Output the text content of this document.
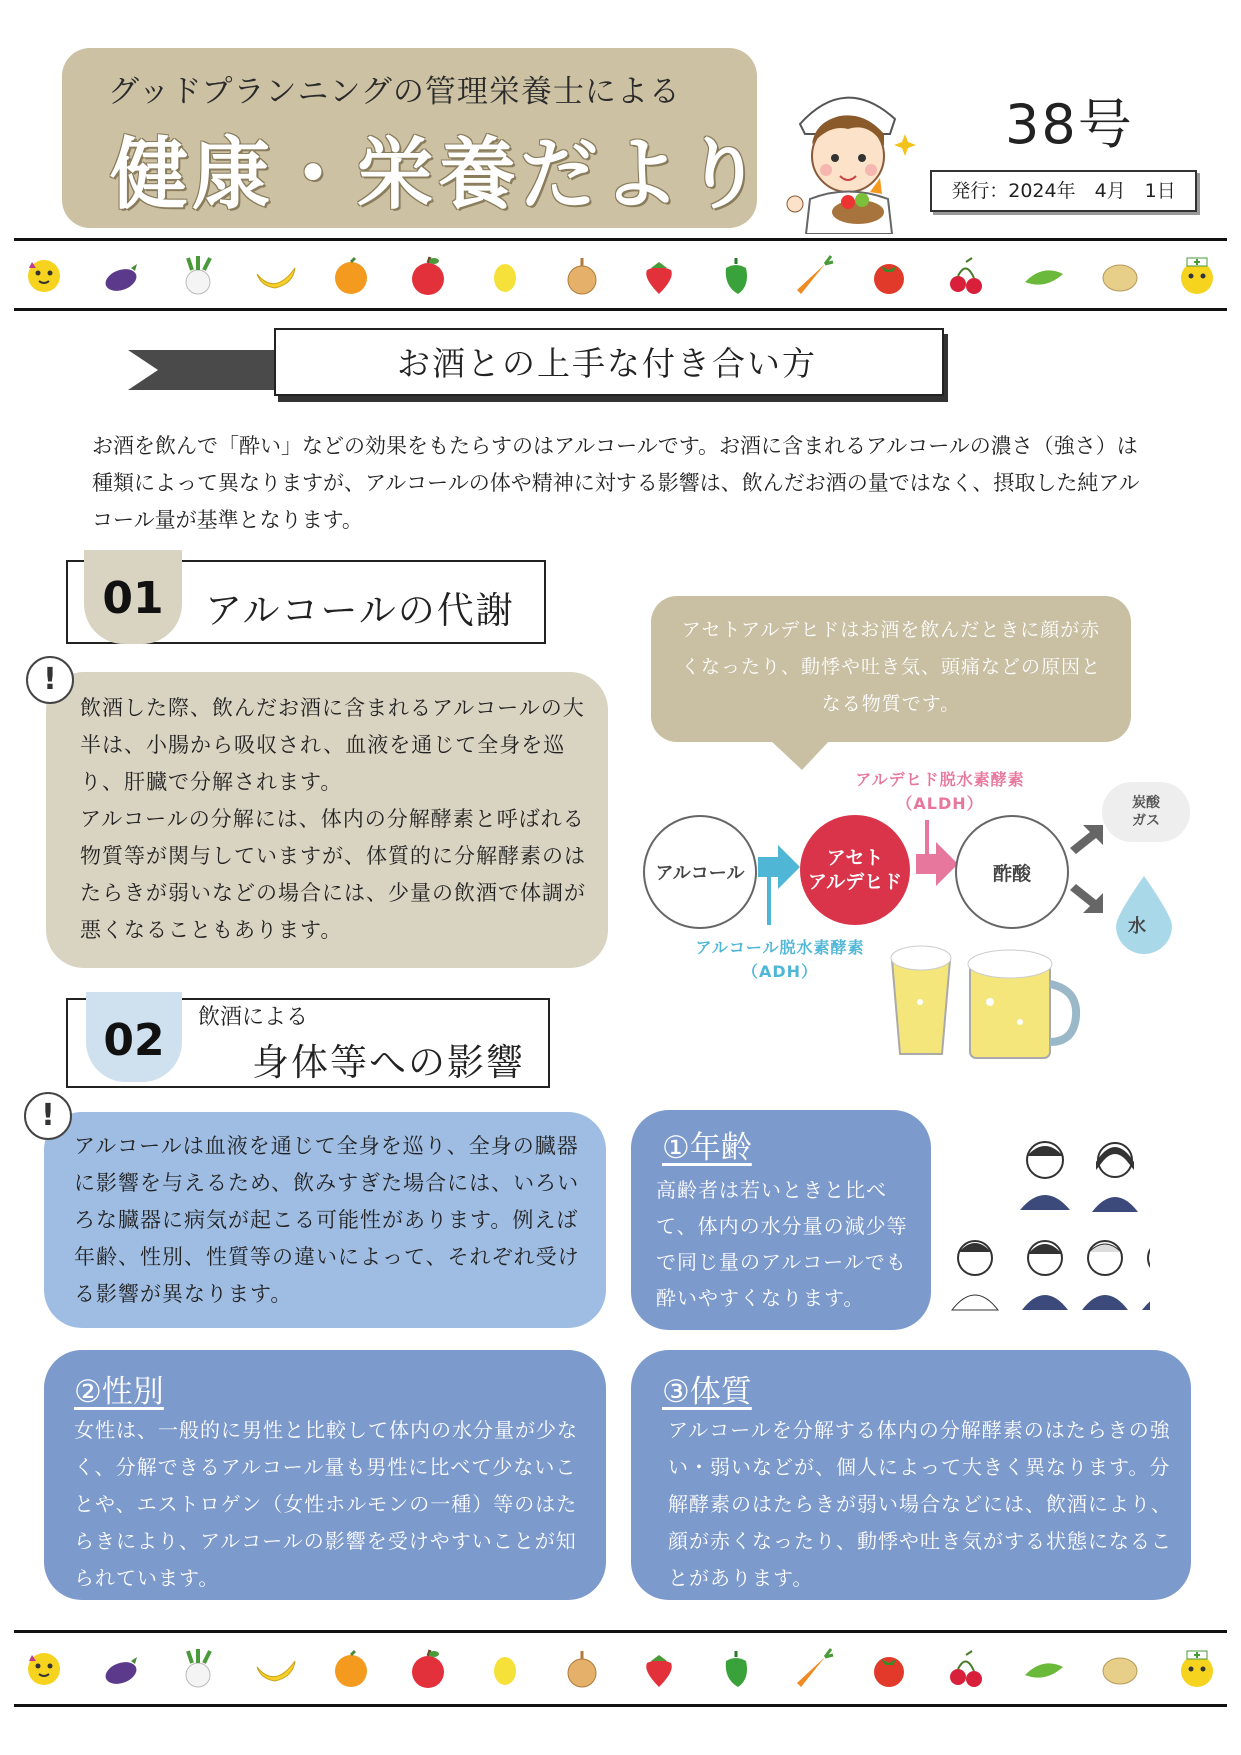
グッドプランニングの管理栄養士による
健康・栄養だより
38号
発行：2024年　4月　1日
お酒との上手な付き合い方
お酒を飲んで「酔い」などの効果をもたらすのはアルコールです。お酒に含まれるアルコールの濃さ（強さ）は種類によって異なりますが、アルコールの体や精神に対する影響は、飲んだお酒の量ではなく、摂取した純アルコール量が基準となります。
01	アルコールの代謝
!
飲酒した際、飲んだお酒に含まれるアルコールの大半は、小腸から吸収され、血液を通じて全身を巡り、肝臓で分解されます。
アルコールの分解には、体内の分解酵素と呼ばれる物質等が関与していますが、体質的に分解酵素のはたらきが弱いなどの場合には、少量の飲酒で体調が悪くなることもあります。
アセトアルデヒドはお酒を飲んだときに顔が赤くなったり、動悸や吐き気、頭痛などの原因となる物質です。
アルデヒド脱水素酵素
（ALDH）
アルコール
アセト
アルデヒド	酢酸
炭酸
ガス
水
アルコール脱水素酵素
（ADH）
02	飲酒による
身体等への影響
!
アルコールは血液を通じて全身を巡り、全身の臓器に影響を与えるため、飲みすぎた場合には、いろいろな臓器に病気が起こる可能性があります。例えば年齢、性別、性質等の違いによって、それぞれ受ける影響が異なります。
①年齢
高齢者は若いときと比べて、体内の水分量の減少等で同じ量のアルコールでも酔いやすくなります。
②性別
女性は、一般的に男性と比較して体内の水分量が少なく、分解できるアルコール量も男性に比べて少ないことや、エストロゲン（女性ホルモンの一種）等のはたらきにより、アルコールの影響を受けやすいことが知られています。
③体質
アルコールを分解する体内の分解酵素のはたらきの強い・弱いなどが、個人によって大きく異なります。分解酵素のはたらきが弱い場合などには、飲酒により、顔が赤くなったり、動悸や吐き気がする状態になることがあります。
